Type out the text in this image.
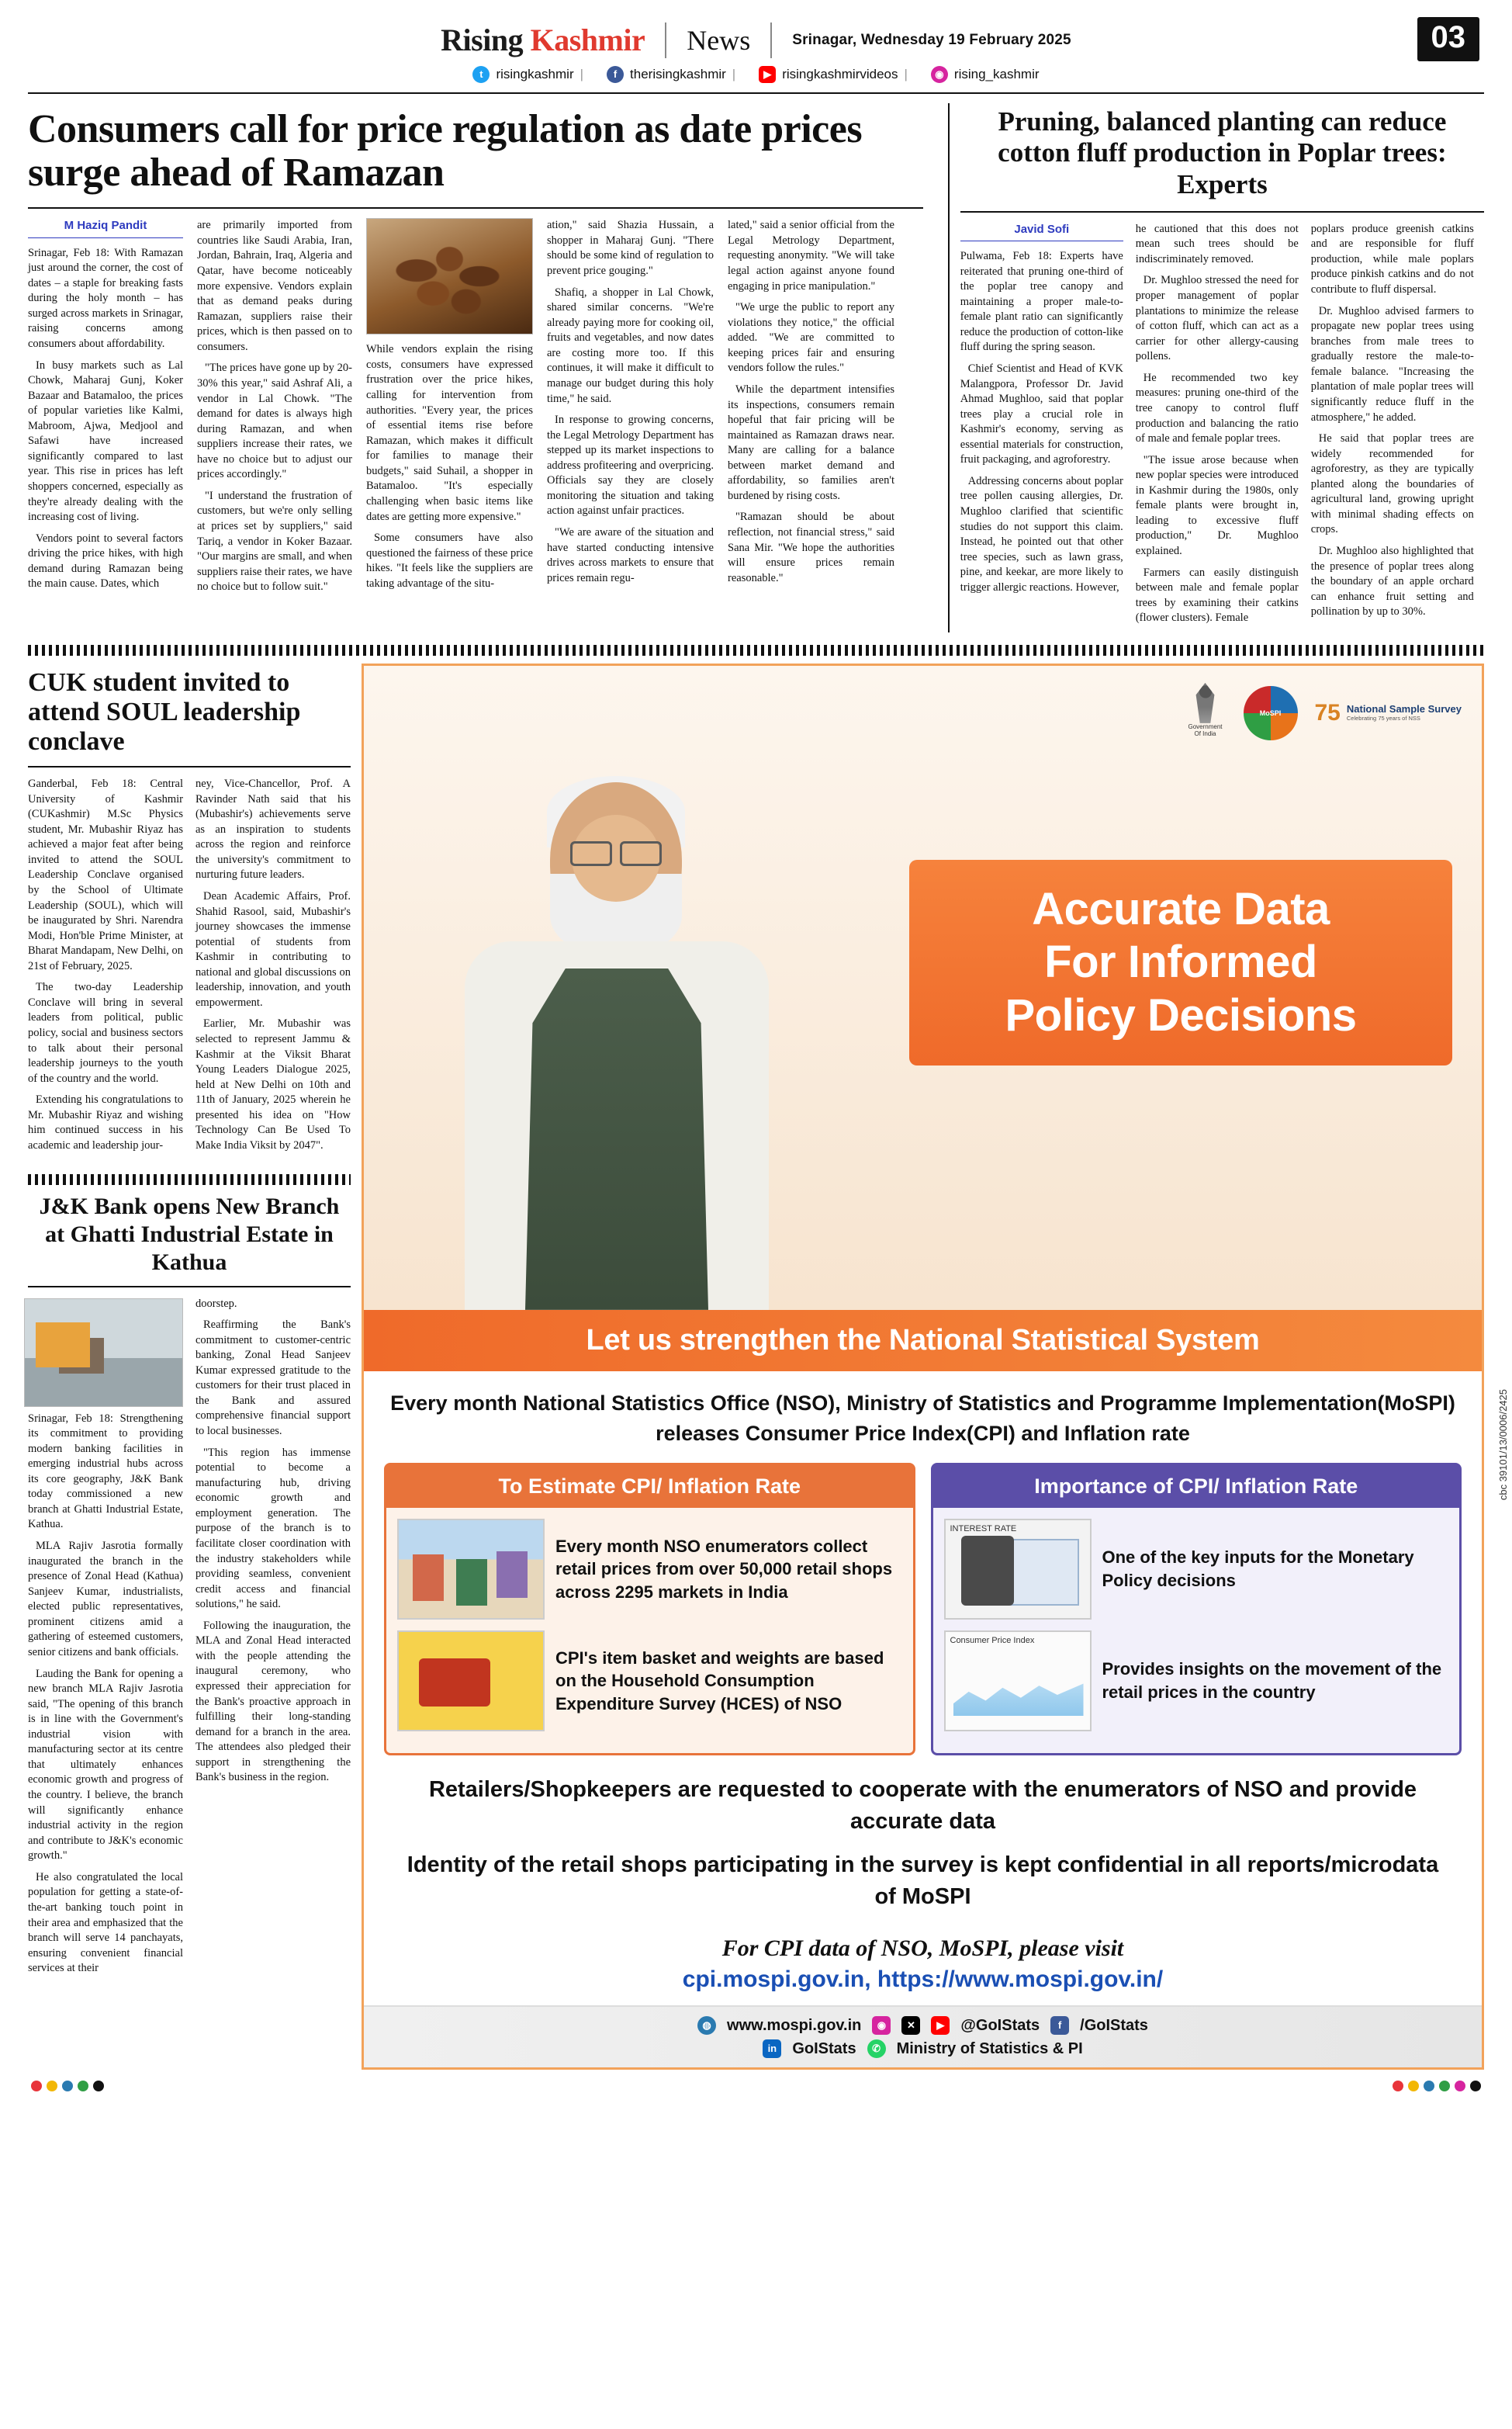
Rising Kashmir News	Srinagar, Wednesday 19 February 2025	03
t risingkashmir |	f therisingkashmir |	▶ risingkashmirvideos |	◉ rising_kashmir
Consumers call for price regulation as date prices surge ahead of Ramazan
M Haziq Pandit

Srinagar, Feb 18: With Ramazan just around the corner, the cost of dates – a staple for breaking fasts during the holy month – has surged across markets in Srinagar, raising concerns among consumers about affordability.

In busy markets such as Lal Chowk, Maharaj Gunj, Koker Bazaar and Batamaloo, the prices of popular varieties like Kalmi, Mabroom, Ajwa, Medjool and Safawi have increased significantly compared to last year. This rise in prices has left shoppers concerned, especially as they're already dealing with the increasing cost of living.

Vendors point to several factors driving the price hikes, with high demand during Ramazan being the main cause. Dates, which

are primarily imported from countries like Saudi Arabia, Iran, Jordan, Bahrain, Iraq, Algeria and Qatar, have become noticeably more expensive. Vendors explain that as demand peaks during Ramazan, suppliers raise their prices, which is then passed on to consumers.

"The prices have gone up by 20-30% this year," said Ashraf Ali, a vendor in Lal Chowk. "The demand for dates is always high during Ramazan, and when suppliers increase their rates, we have no choice but to adjust our prices accordingly."

"I understand the frustration of customers, but we're only selling at prices set by suppliers," said Tariq, a vendor in Koker Bazaar. "Our margins are small, and when suppliers raise their rates, we have no choice but to follow suit."

While vendors explain the rising costs, consumers have expressed frustration over the price hikes, calling for intervention from authorities. "Every year, the prices of essential items rise before Ramazan, which makes it difficult for families to manage their budgets," said Suhail, a shopper in Batamaloo. "It's especially challenging when basic items like dates are getting more expensive."

Some consumers have also questioned the fairness of these price hikes. "It feels like the suppliers are taking advantage of the situ-

ation," said Shazia Hussain, a shopper in Maharaj Gunj. "There should be some kind of regulation to prevent price gouging."

Shafiq, a shopper in Lal Chowk, shared similar concerns. "We're already paying more for cooking oil, fruits and vegetables, and now dates are costing more too. If this continues, it will make it difficult to manage our budget during this holy time," he said.

In response to growing concerns, the Legal Metrology Department has stepped up its market inspections to address profiteering and overpricing. Officials say they are closely monitoring the situation and taking action against unfair practices.

"We are aware of the situation and have started conducting intensive drives across markets to ensure that prices remain regu-

lated," said a senior official from the Legal Metrology Department, requesting anonymity. "We will take legal action against anyone found engaging in price manipulation."

"We urge the public to report any violations they notice," the official added. "We are committed to keeping prices fair and ensuring vendors follow the rules."

While the department intensifies its inspections, consumers remain hopeful that fair pricing will be maintained as Ramazan draws near. Many are calling for a balance between market demand and affordability, so families aren't burdened by rising costs.

"Ramazan should be about reflection, not financial stress," said Sana Mir. "We hope the authorities will ensure prices remain reasonable."

Pruning, balanced planting can reduce cotton fluff production in Poplar trees: Experts
Javid Sofi

Pulwama, Feb 18: Experts have reiterated that pruning one-third of the poplar tree canopy and maintaining a proper male-to-female plant ratio can significantly reduce the production of cotton-like fluff during the spring season.

Chief Scientist and Head of KVK Malangpora, Professor Dr. Javid Ahmad Mughloo, said that poplar trees play a crucial role in Kashmir's economy, serving as essential materials for construction, fruit packaging, and agroforestry.

Addressing concerns about poplar tree pollen causing allergies, Dr. Mughloo clarified that scientific studies do not support this claim. Instead, he pointed out that other tree species, such as lawn grass, pine, and keekar, are more likely to trigger allergic reactions. However,

he cautioned that this does not mean such trees should be indiscriminately removed.

Dr. Mughloo stressed the need for proper management of poplar plantations to minimize the release of cotton fluff, which can act as a carrier for other allergy-causing pollens.

He recommended two key measures: pruning one-third of the tree canopy to control fluff production and balancing the ratio of male and female poplar trees.

"The issue arose because when new poplar species were introduced in Kashmir during the 1980s, only female plants were brought in, leading to excessive fluff production," Dr. Mughloo explained.

Farmers can easily distinguish between male and female poplar trees by examining their catkins (flower clusters). Female

poplars produce greenish catkins and are responsible for fluff production, while male poplars produce pinkish catkins and do not contribute to fluff dispersal.

Dr. Mughloo advised farmers to propagate new poplar trees using branches from male trees to gradually restore the male-to-female balance. "Increasing the plantation of male poplar trees will significantly reduce fluff in the atmosphere," he added.

He said that poplar trees are widely recommended for agroforestry, as they are typically planted along the boundaries of agricultural land, growing upright with minimal shading effects on crops.

Dr. Mughloo also highlighted that the presence of poplar trees along the boundary of an apple orchard can enhance fruit setting and pollination by up to 30%.

CUK student invited to attend SOUL leadership conclave

Ganderbal, Feb 18: Central University of Kashmir (CUKashmir) M.Sc Physics student, Mr. Mubashir Riyaz has achieved a major feat after being invited to attend the SOUL Leadership Conclave organised by the School of Ultimate Leadership (SOUL), which will be inaugurated by Shri. Narendra Modi, Hon'ble Prime Minister, at Bharat Mandapam, New Delhi, on 21st of February, 2025.

The two-day Leadership Conclave will bring in several leaders from political, public policy, social and business sectors to talk about their personal leadership journeys to the youth of the country and the world.

Extending his congratulations to Mr. Mubashir Riyaz and wishing him continued success in his academic and leadership jour-

ney, Vice-Chancellor, Prof. A Ravinder Nath said that his (Mubashir's) achievements serve as an inspiration to students across the region and reinforce the university's commitment to nurturing future leaders.

Dean Academic Affairs, Prof. Shahid Rasool, said, Mubashir's journey showcases the immense potential of students from Kashmir in contributing to national and global discussions on leadership, innovation, and youth empowerment.

Earlier, Mr. Mubashir was selected to represent Jammu & Kashmir at the Viksit Bharat Young Leaders Dialogue 2025, held at New Delhi on 10th and 11th of January, 2025 wherein he presented his idea on "How Technology Can Be Used To Make India Viksit by 2047".

J&K Bank opens New Branch at Ghatti Industrial Estate in Kathua

Srinagar, Feb 18: Strengthening its commitment to providing modern banking facilities in emerging industrial hubs across its core geography, J&K Bank today commissioned a new branch at Ghatti Industrial Estate, Kathua.

MLA Rajiv Jasrotia formally inaugurated the branch in the presence of Zonal Head (Kathua) Sanjeev Kumar, industrialists, elected public representatives, prominent citizens amid a gathering of esteemed customers, senior citizens and bank officials.

Lauding the Bank for opening a new branch MLA Rajiv Jasrotia said, "The opening of this branch is in line with the Government's industrial vision with manufacturing sector at its centre that ultimately enhances economic growth and progress of the country. I believe, the branch will significantly enhance industrial activity in the region and contribute to J&K's economic growth."

He also congratulated the local population for getting a state-of-the-art banking touch point in their area and emphasized that the branch will serve 14 panchayats, ensuring convenient financial services at their

doorstep.

Reaffirming the Bank's commitment to customer-centric banking, Zonal Head Sanjeev Kumar expressed gratitude to the customers for their trust placed in the Bank and assured comprehensive financial support to local businesses.

"This region has immense potential to become a manufacturing hub, driving economic growth and employment generation. The purpose of the branch is to facilitate closer coordination with the industry stakeholders while providing seamless, convenient credit access and financial solutions," he said.

Following the inauguration, the MLA and Zonal Head interacted with the people attending the inaugural ceremony, who expressed their appreciation for the Bank's proactive approach in fulfilling their long-standing demand for a branch in the area. The attendees also pledged their support in strengthening the Bank's business in the region.

Government Of India
MoSPI	75 National Sample Survey
Celebrating 75 years of NSS
Accurate Data
For Informed
Policy Decisions
Let us strengthen the National Statistical System
Every month National Statistics Office (NSO), Ministry of Statistics and Programme Implementation(MoSPI) releases Consumer Price Index(CPI) and Inflation rate
To Estimate CPI/ Inflation Rate
Every month NSO enumerators collect retail prices from over 50,000 retail shops across 2295 markets in India
CPI's item basket and weights are based on the Household Consumption Expenditure Survey (HCES) of NSO
Importance of CPI/ Inflation Rate
INTEREST RATE
One of the key inputs for the Monetary Policy decisions
Consumer Price Index
Provides insights on the movement of the retail prices in the country
Retailers/Shopkeepers are requested to cooperate with the enumerators of NSO and provide accurate data
Identity of the retail shops participating in the survey is kept confidential in all reports/microdata of MoSPI
For CPI data of NSO, MoSPI, please visit
cpi.mospi.gov.in, https://www.mospi.gov.in/
◍	www.mospi.gov.in	◉	✕	▶	@GoIStats	f	/GoIStats
in	GoIStats	✆	Ministry of Statistics & PI
cbc 39101/13/0006/2425
